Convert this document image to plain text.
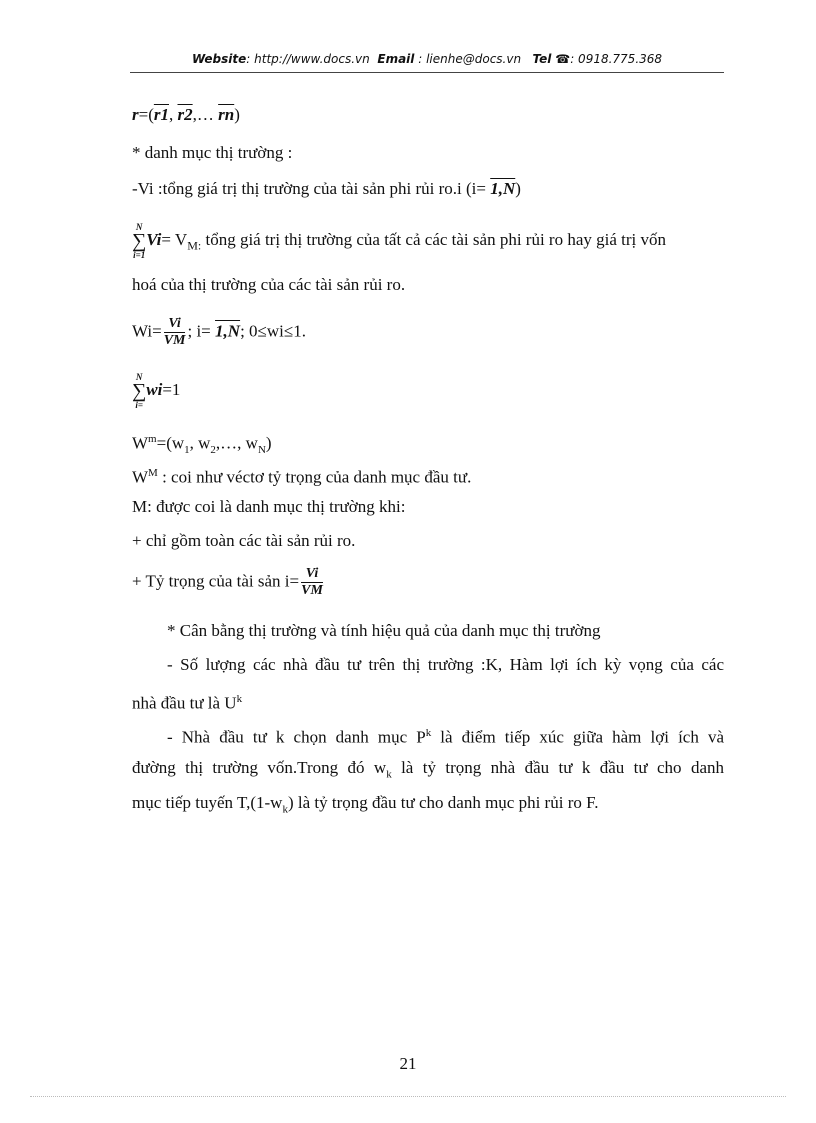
Website: http://www.docs.vn Email : lienhe@docs.vn Tel ☎: 0918.775.368
r=(r1, r2,… $\overline{rn}$)
* danh mục thị trường :
-Vi :tổng giá trị thị trường của tài sản phi rủi ro.i (i= 1,N)
N
∑
i=1
$Vi= V_{M:}$ tổng giá trị thị trường của tất cả các tài sản phi rủi ro hay giá trị vốn
hoá của thị trường của các tài sản rủi ro.
$Wi= \frac{Vi}{VM}$ ; i= 1,N; 0≤wi≤1.
N
∑
i=
wi=1
$W^m=(w_1$, $w_2,\dots$, $w_N$)
$W^M$ : coi như véctơ tỷ trọng của danh mục đầu tư.
M: được coi là danh mục thị trường khi:
+ chỉ gồm toàn các tài sản rủi ro.
+ Tỷ trọng của tài sản $i= \frac{Vi}{VM}$
* Cân bằng thị trường và tính hiệu quả của danh mục thị trường
- Số lượng các nhà đầu tư trên thị trường :K, Hàm lợi ích kỳ vọng của các
nhà đầu tư là $U^k$
- Nhà đầu tư k chọn danh mục $P^k$ là điểm tiếp xúc giữa hàm lợi ích và
đường thị trường vốn.Trong đó $w_k$ là tỷ trọng nhà đầu tư k đầu tư cho danh
mục tiếp tuyến $T,(1-w_k)$ là tỷ trọng đầu tư cho danh mục phi rủi ro F.
21
